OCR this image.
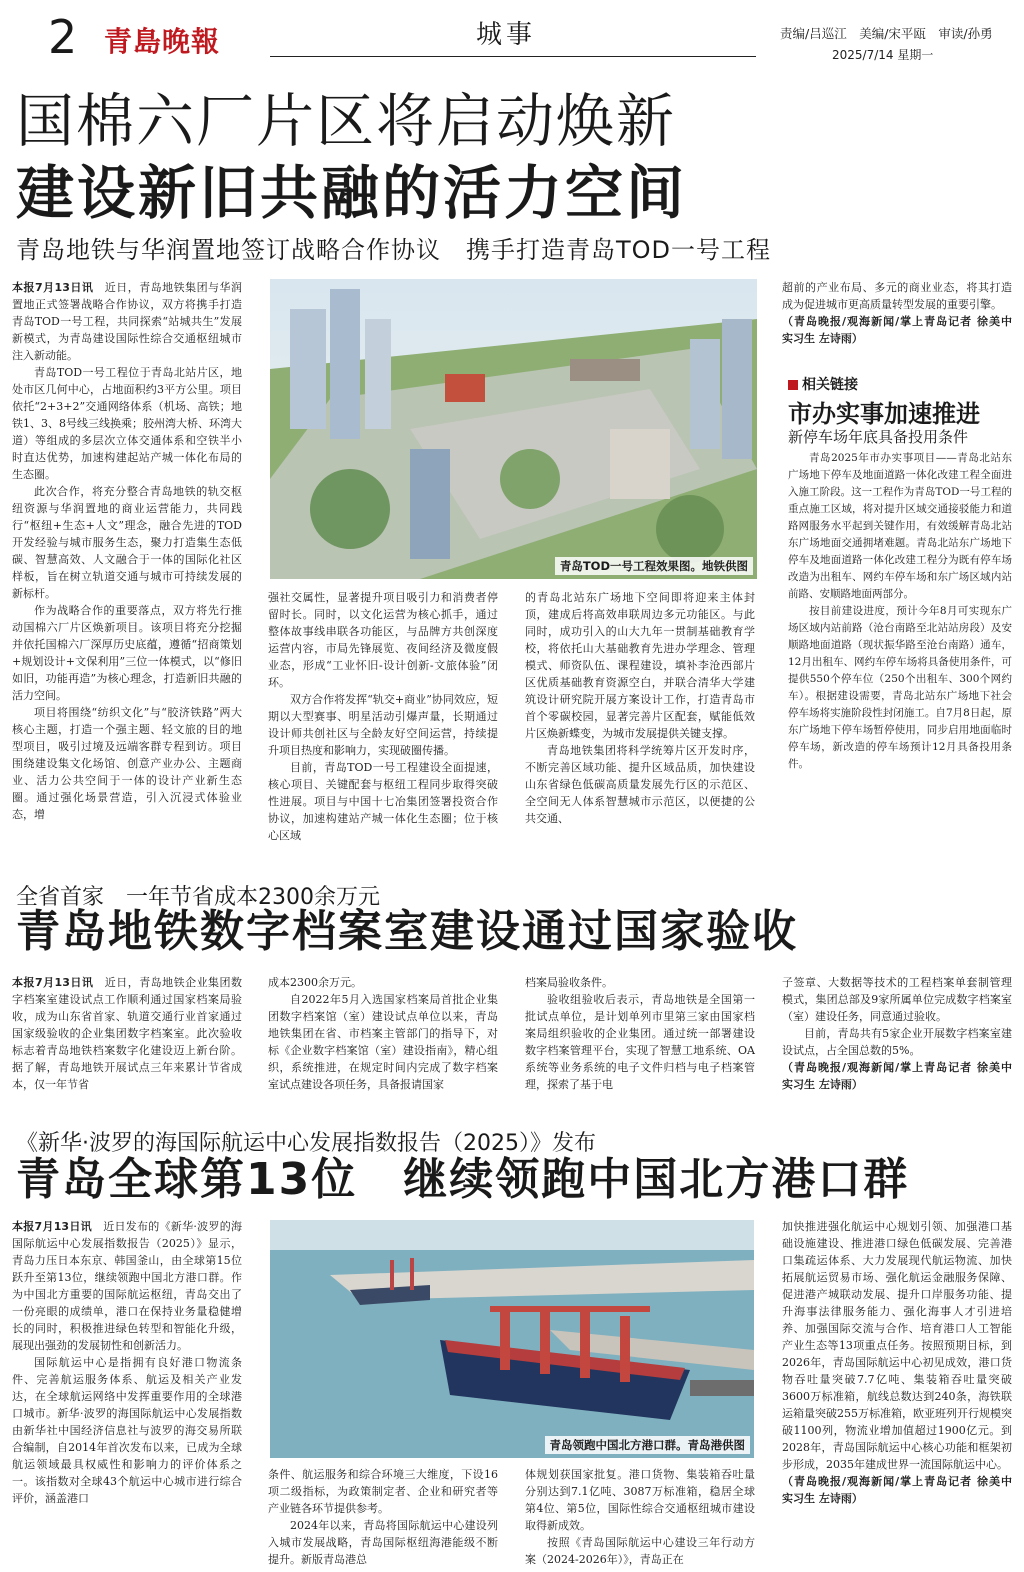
2 青島晚報	城事	责编/吕巡江　美编/宋平瓯　审读/孙勇
2025/7/14 星期一
国棉六厂片区将启动焕新
建设新旧共融的活力空间
青岛地铁与华润置地签订战略合作协议　携手打造青岛TOD一号工程

本报7月13日讯　 近日，青岛地铁集团与华润置地正式签署战略合作协议，双方将携手打造青岛TOD一号工程，共同探索“站城共生”发展新模式，为青岛建设国际性综合交通枢纽城市注入新动能。

青岛TOD一号工程位于青岛北站片区，地处市区几何中心，占地面积约3平方公里。项目依托“2+3+2”交通网络体系（机场、高铁；地铁1、3、8号线三线换乘；胶州湾大桥、环湾大道）等组成的多层次立体交通体系和空铁半小时直达优势，加速构建起站产城一体化布局的生态圈。

此次合作，将充分整合青岛地铁的轨交枢纽资源与华润置地的商业运营能力，共同践行“枢纽+生态+人文”理念，融合先进的TOD开发经验与城市服务生态，聚力打造集生态低碳、智慧高效、人文融合于一体的国际化社区样板，旨在树立轨道交通与城市可持续发展的新标杆。

作为战略合作的重要落点，双方将先行推动国棉六厂片区焕新项目。该项目将充分挖掘并依托国棉六厂深厚历史底蕴，遵循“招商策划+规划设计+文保利用”三位一体模式，以“修旧如旧，功能再造”为核心理念，打造新旧共融的活力空间。

项目将围绕“纺织文化”与“胶济铁路”两大核心主题，打造一个强主题、轻文旅的目的地型项目，吸引过境及远端客群专程到访。项目围绕建设集文化场馆、创意产业办公、主题商业、活力公共空间于一体的设计产业新生态圈。通过强化场景营造，引入沉浸式体验业态，增

青岛TOD一号工程效果图。地铁供图

强社交属性，显著提升项目吸引力和消费者停留时长。同时，以文化运营为核心抓手，通过整体故事线串联各功能区，与品牌方共创深度运营内容，市局先锋展览、夜间经济及微度假业态，形成“工业怀旧-设计创新-文旅体验”闭环。

双方合作将发挥“轨交+商业”协同效应，短期以大型赛事、明星活动引爆声量，长期通过设计师共创社区与全龄友好空间运营，持续提升项目热度和影响力，实现破圈传播。

目前，青岛TOD一号工程建设全面提速，核心项目、关键配套与枢纽工程同步取得突破性进展。项目与中国十七冶集团签署投资合作协议，加速构建站产城一体化生态圈；位于核心区域

的青岛北站东广场地下空间即将迎来主体封顶，建成后将高效串联周边多元功能区。与此同时，成功引入的山大九年一贯制基础教育学校，将依托山大基础教育先进办学理念、管理模式、师资队伍、课程建设，填补李沧西部片区优质基础教育资源空白，并联合清华大学建筑设计研究院开展方案设计工作，打造青岛市首个零碳校园，显著完善片区配套，赋能低效片区焕新蝶变，为城市发展提供关键支撑。

青岛地铁集团将科学统筹片区开发时序，不断完善区域功能、提升区域品质，加快建设山东省绿色低碳高质量发展先行区的示范区、全空间无人体系智慧城市示范区，以便捷的公共交通、

超前的产业布局、多元的商业业态，将其打造成为促进城市更高质量转型发展的重要引擎。

（青岛晚报/观海新闻/掌上青岛记者 徐美中　实习生 左诗雨）

相关链接
市办实事加速推进
新停车场年底具备投用条件

青岛2025年市办实事项目——青岛北站东广场地下停车及地面道路一体化改建工程全面进入施工阶段。这一工程作为青岛TOD一号工程的重点施工区域，将对提升区域交通接驳能力和道路网服务水平起到关键作用，有效缓解青岛北站东广场地面交通拥堵难题。青岛北站东广场地下停车及地面道路一体化改建工程分为既有停车场改造为出租车、网约车停车场和东广场区域内站前路、安顺路地面两部分。

按目前建设进度，预计今年8月可实现东广场区域内站前路（沧台南路至北站站房段）及安顺路地面道路（现状振华路至沧台南路）通车，12月出租车、网约车停车场将具备使用条件，可提供550个停车位（250个出租车、300个网约车）。根据建设需要，青岛北站东广场地下社会停车场将实施阶段性封闭施工。自7月8日起，原东广场地下停车场暂停使用，同步启用地面临时停车场，新改造的停车场预计12月具备投用条件。

全省首家　一年节省成本2300余万元
青岛地铁数字档案室建设通过国家验收

本报7月13日讯　 近日，青岛地铁企业集团数字档案室建设试点工作顺利通过国家档案局验收，成为山东省首家、轨道交通行业首家通过国家级验收的企业集团数字档案室。此次验收标志着青岛地铁档案数字化建设迈上新台阶。据了解，青岛地铁开展试点三年来累计节省成本，仅一年节省

成本2300余万元。

自2022年5月入选国家档案局首批企业集团数字档案馆（室）建设试点单位以来，青岛地铁集团在省、市档案主管部门的指导下，对标《企业数字档案馆（室）建设指南》，精心组织，系统推进，在规定时间内完成了数字档案室试点建设各项任务，具备报请国家

档案局验收条件。

验收组验收后表示，青岛地铁是全国第一批试点单位，是计划单列市里第三家由国家档案局组织验收的企业集团。通过统一部署建设数字档案管理平台，实现了智慧工地系统、OA系统等业务系统的电子文件归档与电子档案管理，探索了基于电

子签章、大数据等技术的工程档案单套制管理模式，集团总部及9家所属单位完成数字档案室（室）建设任务，同意通过验收。

目前，青岛共有5家企业开展数字档案室建设试点，占全国总数的5%。

（青岛晚报/观海新闻/掌上青岛记者 徐美中　实习生 左诗雨）

《新华·波罗的海国际航运中心发展指数报告（2025）》发布
青岛全球第13位　继续领跑中国北方港口群

本报7月13日讯　 近日发布的《新华·波罗的海国际航运中心发展指数报告（2025）》显示，青岛力压日本东京、韩国釜山，由全球第15位跃升至第13位，继续领跑中国北方港口群。作为中国北方重要的国际航运枢纽，青岛交出了一份亮眼的成绩单，港口在保持业务量稳健增长的同时，积极推进绿色转型和智能化升级，展现出强劲的发展韧性和创新活力。

国际航运中心是指拥有良好港口物流条件、完善航运服务体系、航运及相关产业发达，在全球航运网络中发挥重要作用的全球港口城市。新华·波罗的海国际航运中心发展指数由新华社中国经济信息社与波罗的海交易所联合编制，自2014年首次发布以来，已成为全球航运领域最具权威性和影响力的评价体系之一。该指数对全球43个航运中心城市进行综合评价，涵盖港口

青岛领跑中国北方港口群。青岛港供图

条件、航运服务和综合环境三大维度，下设16项二级指标，为政策制定者、企业和研究者等产业链各环节提供参考。

2024年以来，青岛将国际航运中心建设列入城市发展战略，青岛国际枢纽海港能级不断提升。新版青岛港总

体规划获国家批复。港口货物、集装箱吞吐量分别达到7.1亿吨、3087万标准箱，稳居全球第4位、第5位，国际性综合交通枢纽城市建设取得新成效。

按照《青岛国际航运中心建设三年行动方案（2024-2026年）》，青岛正在

加快推进强化航运中心规划引领、加强港口基础设施建设、推进港口绿色低碳发展、完善港口集疏运体系、大力发展现代航运物流、加快拓展航运贸易市场、强化航运金融服务保障、促进港产城联动发展、提升口岸服务功能、提升海事法律服务能力、强化海事人才引进培养、加强国际交流与合作、培育港口人工智能产业生态等13项重点任务。按照预期目标，到2026年，青岛国际航运中心初见成效，港口货物吞吐量突破7.7亿吨、集装箱吞吐量突破3600万标准箱，航线总数达到240条，海铁联运箱量突破255万标准箱，欧亚班列开行规模突破1100列，物流业增加值超过1900亿元。到2028年，青岛国际航运中心核心功能和框架初步形成，2035年建成世界一流国际航运中心。

（青岛晚报/观海新闻/掌上青岛记者 徐美中　实习生 左诗雨）
